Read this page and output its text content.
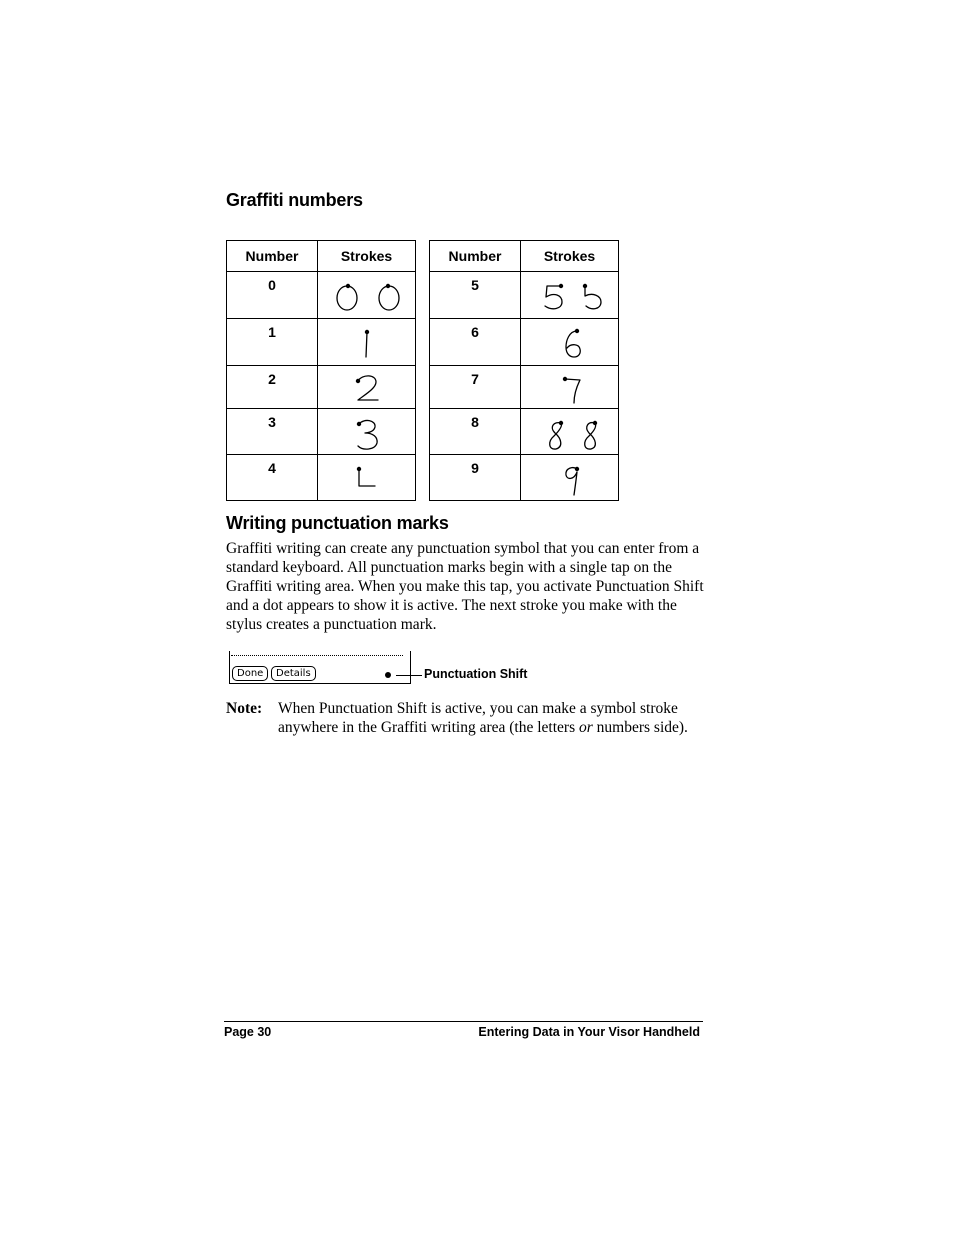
Graffiti numbers
Number	Strokes
0	

1	

2	

3	

4	
Number	Strokes
5	

6	

7	

8	

9	
Writing punctuation marks
Graffiti writing can create any punctuation symbol that you can enter from a standard keyboard. All punctuation marks begin with a single tap on the Graffiti writing area. When you make this tap, you activate Punctuation Shift and a dot appears to show it is active. The next stroke you make with the stylus creates a punctuation mark.
Done	Details	Punctuation Shift
Note: When Punctuation Shift is active, you can make a symbol stroke anywhere in the Graffiti writing area (the letters or numbers side).
Page 30	Entering Data in Your Visor Handheld
